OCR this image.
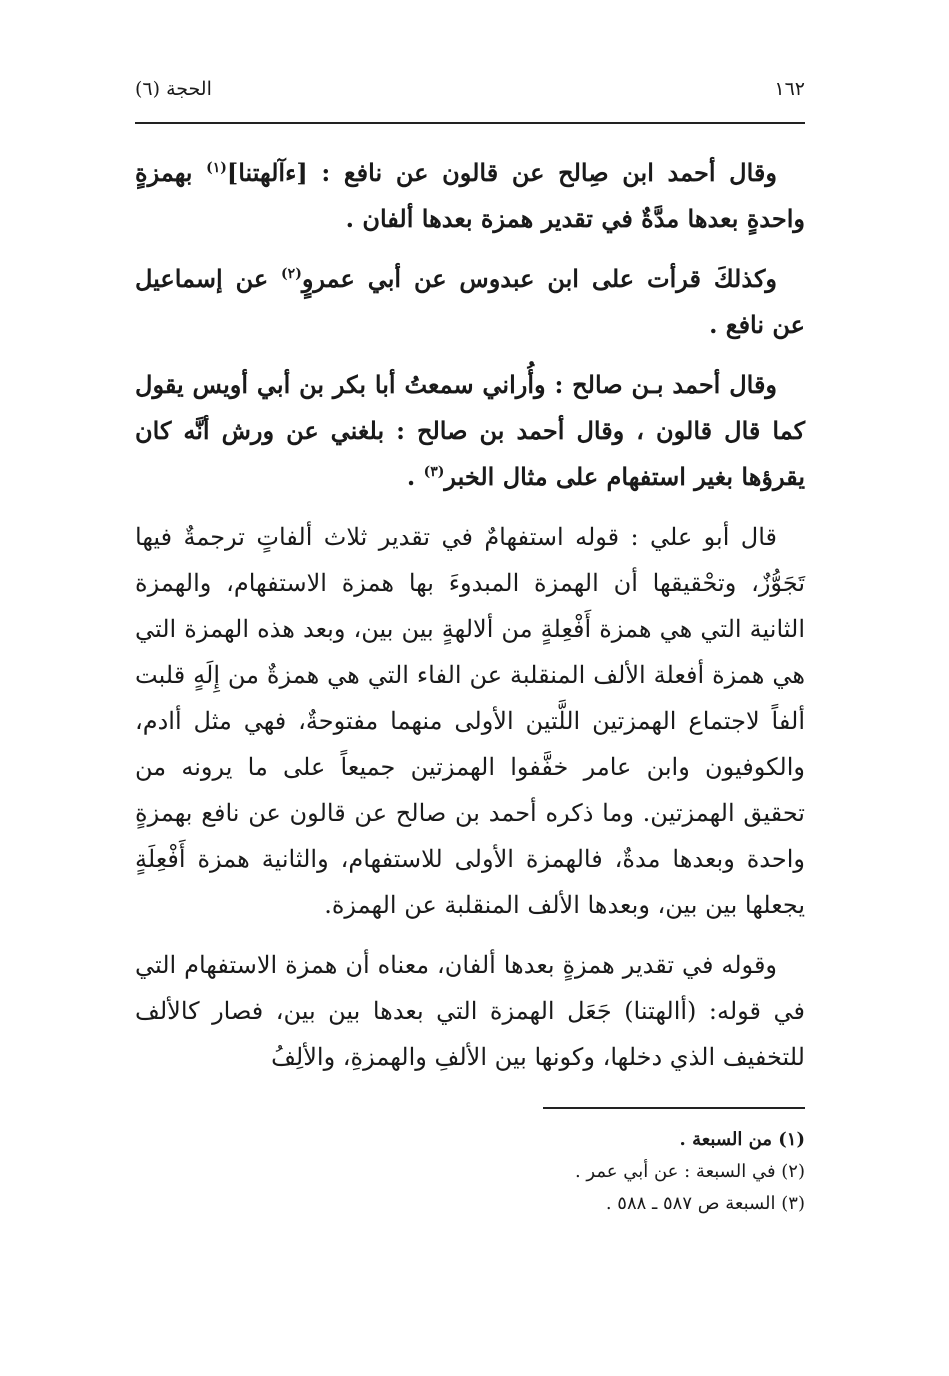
١٦٢
الحجة (٦)

وقال أحمد ابن صِالح عن قالون عن نافع : [ءآلهتنا]$^{(١)}$ بهمزةٍ واحدةٍ بعدها مدَّةٌ في تقدير همزة بعدها ألفان .

وكذلكَ قرأت على ابن عبدوس عن أبي عمروٍ$^{(٢)}$ عن إسماعيل عن نافع .

وقال أحمد بـن صالح : وأُراني سمعتُ أبا بكر بن أبي أويس يقول كما قال قالون ، وقال أحمد بن صالح : بلغني عن ورش أنَّه كان يقرؤها بغير استفهام على مثال الخبر$^{(٣)}$ .

قال أبو علي : قوله استفهامٌ في تقدير ثلاث ألفاتٍ ترجمةٌ فيها تَجَوُّزٌ، وتحْقيقها أن الهمزة المبدوءَ بها همزة الاستفهام، والهمزة الثانية التي هي همزة أَفْعِلةٍ من ألالهةٍ بين بين، وبعد هذه الهمزة التي هي همزة أفعلة الألف المنقلبة عن الفاء التي هي همزةٌ من إِلَهٍ قلبت ألفاً لاجتماع الهمزتين اللَّتين الأولى منهما مفتوحةٌ، فهي مثل أادم، والكوفيون وابن عامر خفَّفوا الهمزتين جميعاً على ما يرونه من تحقيق الهمزتين. وما ذكره أحمد بن صالح عن قالون عن نافع بهمزةٍ واحدة وبعدها مدةٌ، فالهمزة الأولى للاستفهام، والثانية همزة أَفْعِلَةٍ يجعلها بين بين، وبعدها الألف المنقلبة عن الهمزة.

وقوله في تقدير همزةٍ بعدها ألفان، معناه أن همزة الاستفهام التي في قوله: (أالهتنا) جَعَل الهمزة التي بعدها بين بين، فصار كالألف للتخفيف الذي دخلها، وكونها بين الألفِ والهمزةِ، والألِفُ

(١) من السبعة .

(٢) في السبعة : عن أبي عمر .

(٣) السبعة ص ٥٨٧ ـ ٥٨٨ .
